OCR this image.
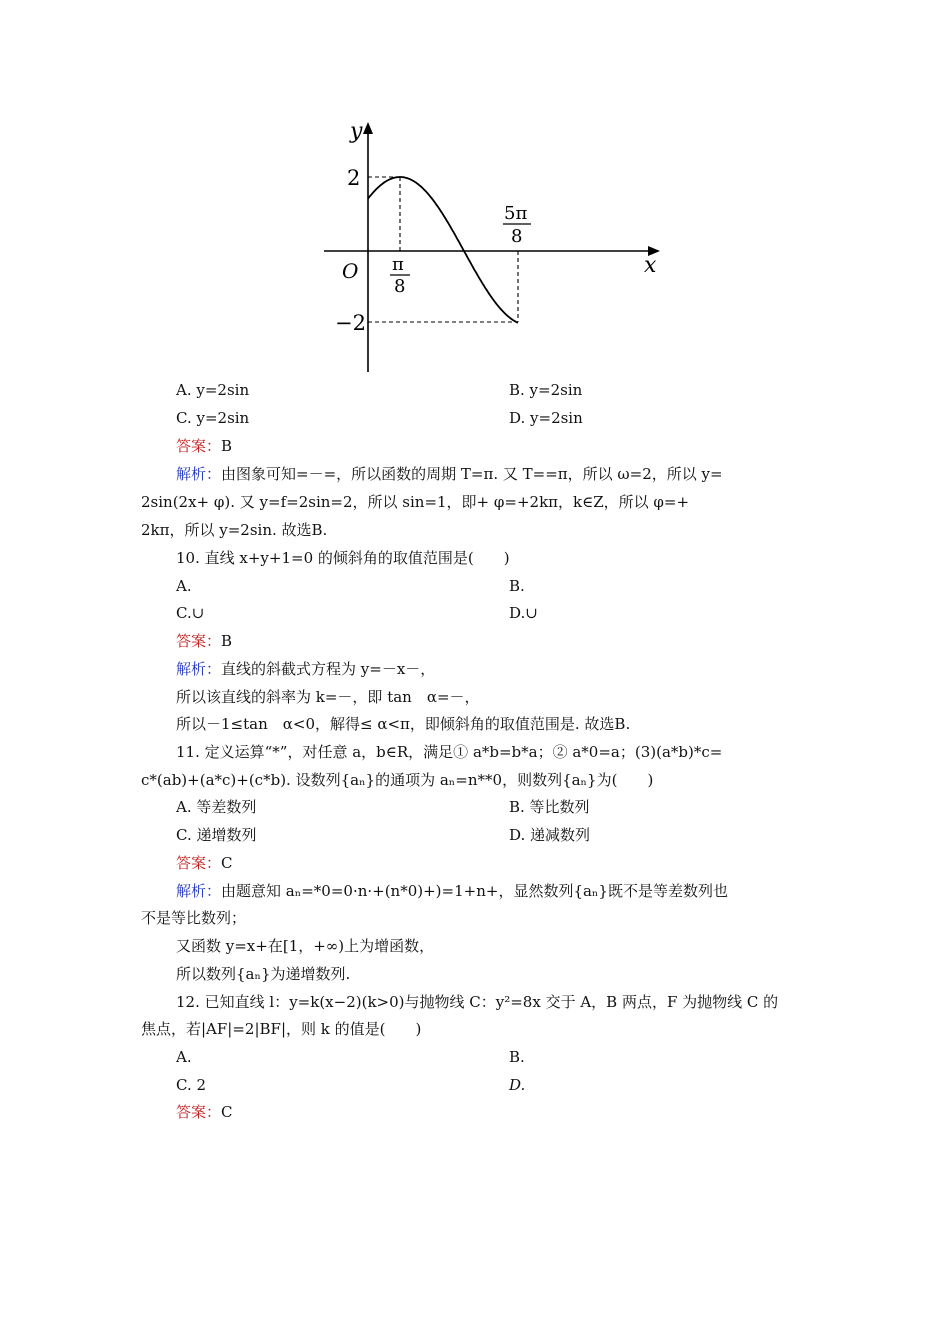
y
x
O
2
−2
π
8
5π
8
A. y=2sin	B. y=2sin
C. y=2sin	D. y=2sin
答案：B
解析：由图象可知=－=，所以函数的周期 T=π. 又 T==π，所以 ω=2，所以 y=
2sin(2x+ φ). 又 y=f=2sin=2，所以 sin=1，即+ φ=+2kπ，k∈Z，所以 φ=+
2kπ，所以 y=2sin. 故选B.
10. 直线 x+y+1=0 的倾斜角的取值范围是(　　)
A.	B.
C.∪	D.∪
答案：B
解析：直线的斜截式方程为 y=－x－，
所以该直线的斜率为 k=－，即 tan　α=－，
所以－1≤tan　α<0，解得≤ α<π，即倾斜角的取值范围是. 故选B.
11. 定义运算“*”，对任意 a，b∈R，满足① a*b=b*a；② a*0=a；(3)(a*b)*c=
c*(ab)+(a*c)+(c*b). 设数列{aₙ}的通项为 aₙ=n**0，则数列{aₙ}为(　　)
A. 等差数列	B. 等比数列
C. 递增数列	D. 递减数列
答案：C
解析：由题意知 aₙ=*0=0·n·+(n*0)+)=1+n+，显然数列{aₙ}既不是等差数列也
不是等比数列；
又函数 y=x+在[1，+∞)上为增函数，
所以数列{aₙ}为递增数列.
12. 已知直线 l：y=k(x−2)(k>0)与抛物线 C：y²=8x 交于 A，B 两点，F 为抛物线 C 的
焦点，若|AF|=2|BF|，则 k 的值是(　　)
A.	B.
C. 2	D.
答案：C
